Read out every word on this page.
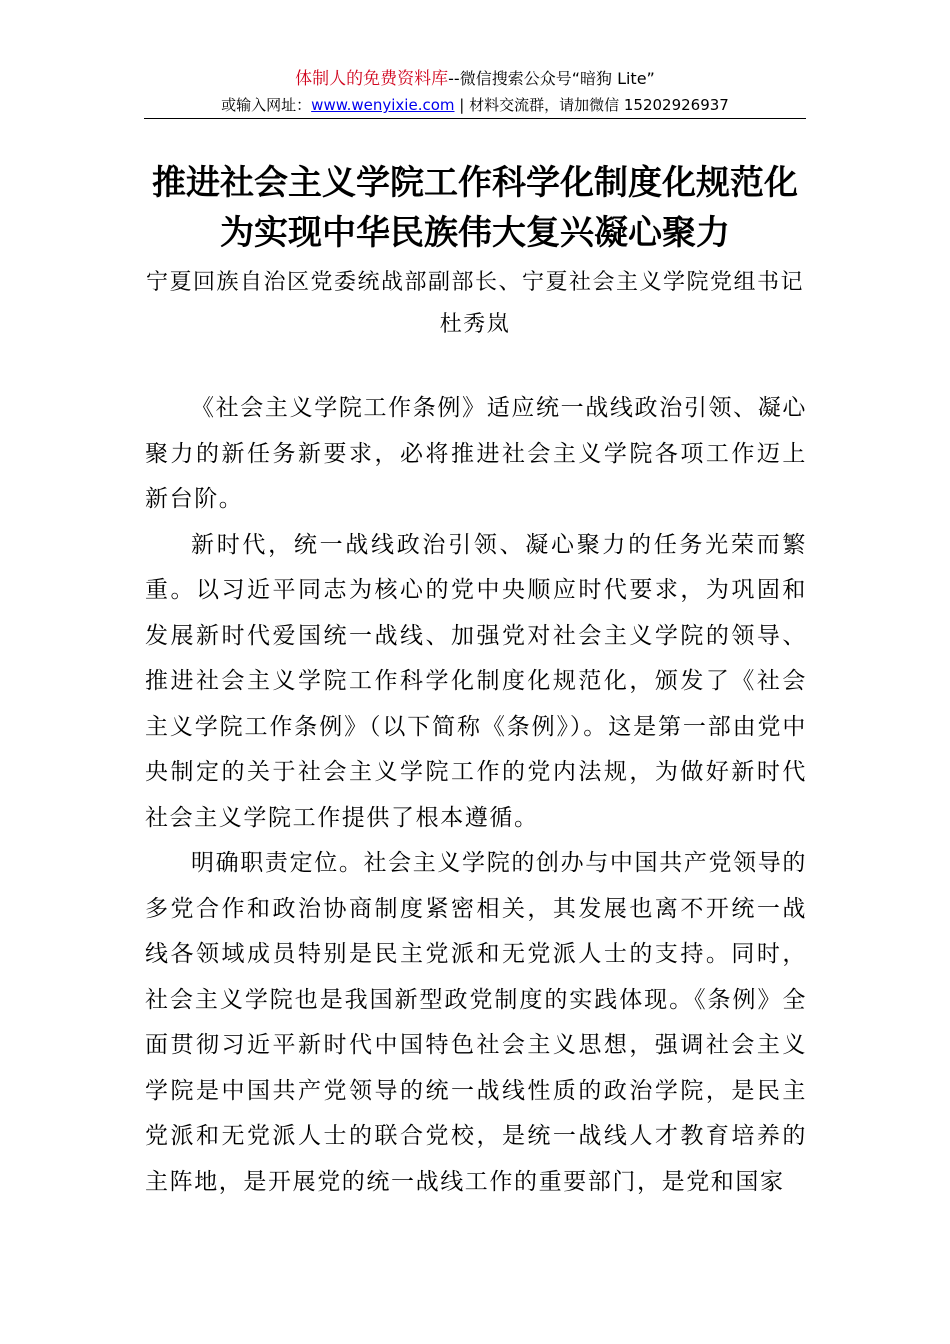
体制人的免费资料库--微信搜索公众号“暗狗 Lite”
或输入网址：www.wenyixie.com | 材料交流群，请加微信 15202926937
推进社会主义学院工作科学化制度化规范化 为实现中华民族伟大复兴凝心聚力
宁夏回族自治区党委统战部副部长、宁夏社会主义学院党组书记 杜秀岚

《社会主义学院工作条例》适应统一战线政治引领、凝心聚力的新任务新要求，必将推进社会主义学院各项工作迈上新台阶。

新时代，统一战线政治引领、凝心聚力的任务光荣而繁重。以习近平同志为核心的党中央顺应时代要求，为巩固和发展新时代爱国统一战线、加强党对社会主义学院的领导、推进社会主义学院工作科学化制度化规范化，颁发了《社会主义学院工作条例》（以下简称《条例》）。这是第一部由党中央制定的关于社会主义学院工作的党内法规，为做好新时代社会主义学院工作提供了根本遵循。

明确职责定位。社会主义学院的创办与中国共产党领导的多党合作和政治协商制度紧密相关，其发展也离不开统一战线各领域成员特别是民主党派和无党派人士的支持。同时，社会主义学院也是我国新型政党制度的实践体现。《条例》全面贯彻习近平新时代中国特色社会主义思想，强调社会主义学院是中国共产党领导的统一战线性质的政治学院，是民主党派和无党派人士的联合党校，是统一战线人才教育培养的主阵地，是开展党的统一战线工作的重要部门，是党和国家
